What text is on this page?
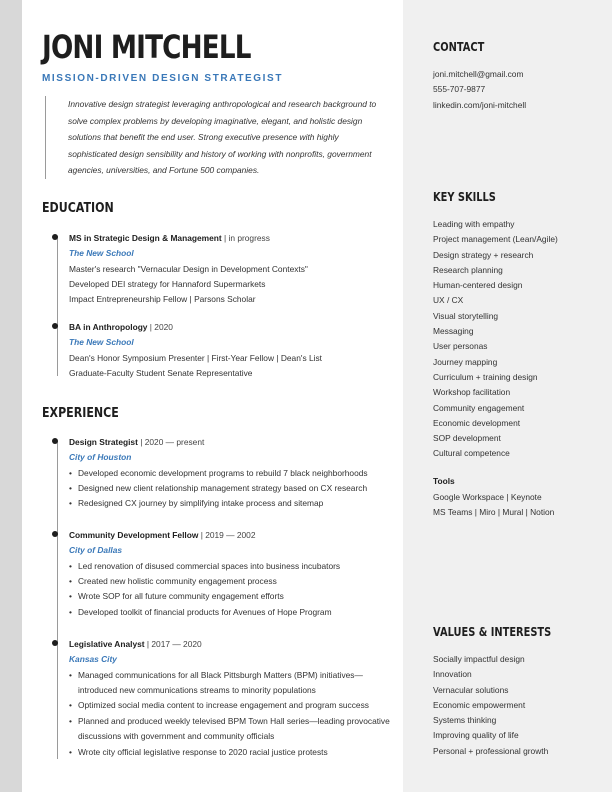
JONI MITCHELL
MISSION-DRIVEN DESIGN STRATEGIST
Innovative design strategist leveraging anthropological and research background to solve complex problems by developing imaginative, elegant, and holistic design solutions that benefit the end user. Strong executive presence with highly sophisticated design sensibility and history of working with nonprofits, government agencies, universities, and Fortune 500 companies.
EDUCATION
MS in Strategic Design & Management | in progress
The New School
Master's research "Vernacular Design in Development Contexts"
Developed DEI strategy for Hannaford Supermarkets
Impact Entrepreneurship Fellow | Parsons Scholar
BA in Anthropology | 2020
The New School
Dean's Honor Symposium Presenter | First-Year Fellow | Dean's List
Graduate-Faculty Student Senate Representative
EXPERIENCE
Design Strategist | 2020 — present
City of Houston
• Developed economic development programs to rebuild 7 black neighborhoods
• Designed new client relationship management strategy based on CX research
• Redesigned CX journey by simplifying intake process and sitemap
Community Development Fellow | 2019 — 2002
City of Dallas
• Led renovation of disused commercial spaces into business incubators
• Created new holistic community engagement process
• Wrote SOP for all future community engagement efforts
• Developed toolkit of financial products for Avenues of Hope Program
Legislative Analyst | 2017 — 2020
Kansas City
• Managed communications for all Black Pittsburgh Matters (BPM) initiatives— introduced new communications streams to minority populations
• Optimized social media content to increase engagement and program success
• Planned and produced weekly televised BPM Town Hall series—leading provocative discussions with government and community officials
• Wrote city official legislative response to 2020 racial justice protests
CONTACT
joni.mitchell@gmail.com
555-707-9877
linkedin.com/joni-mitchell
KEY SKILLS
Leading with empathy
Project management (Lean/Agile)
Design strategy + research
Research planning
Human-centered design
UX / CX
Visual storytelling
Messaging
User personas
Journey mapping
Curriculum + training design
Workshop facilitation
Community engagement
Economic development
SOP development
Cultural competence
Tools
Google Workspace | Keynote
MS Teams | Miro | Mural | Notion
VALUES & INTERESTS
Socially impactful design
Innovation
Vernacular solutions
Economic empowerment
Systems thinking
Improving quality of life
Personal + professional growth
